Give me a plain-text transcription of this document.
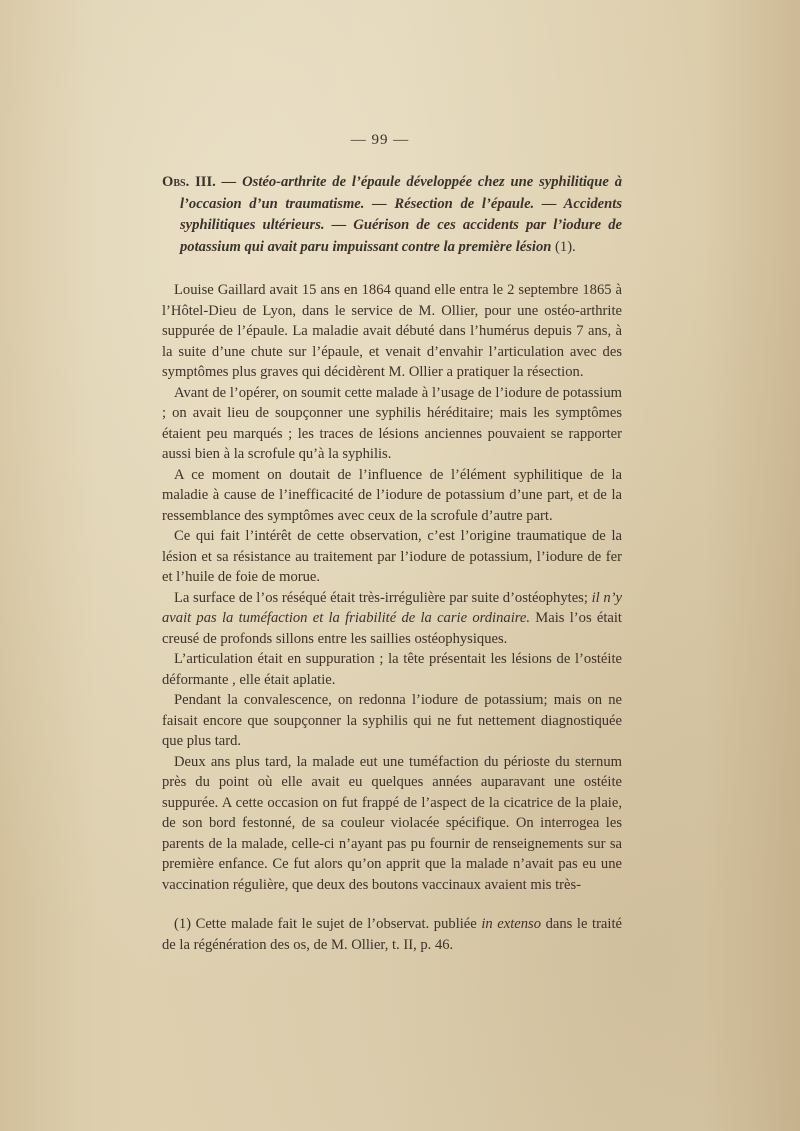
— 99 —

Obs. III. — Ostéo-arthrite de l’épaule développée chez une syphilitique à l’occasion d’un traumatisme. — Résection de l’épaule. — Accidents syphilitiques ultérieurs. — Guérison de ces accidents par l’iodure de potassium qui avait paru impuissant contre la première lésion (1).

Louise Gaillard avait 15 ans en 1864 quand elle entra le 2 septembre 1865 à l’Hôtel-Dieu de Lyon, dans le service de M. Ollier, pour une ostéo-arthrite suppurée de l’épaule. La maladie avait débuté dans l’humérus depuis 7 ans, à la suite d’une chute sur l’épaule, et venait d’envahir l’articulation avec des symptômes plus graves qui décidèrent M. Ollier a pratiquer la résection.

Avant de l’opérer, on soumit cette malade à l’usage de l’iodure de potassium ; on avait lieu de soupçonner une syphilis héréditaire; mais les symptômes étaient peu marqués ; les traces de lésions anciennes pouvaient se rapporter aussi bien à la scrofule qu’à la syphilis.

A ce moment on doutait de l’influence de l’élément syphilitique de la maladie à cause de l’inefficacité de l’iodure de potassium d’une part, et de la ressemblance des symptômes avec ceux de la scrofule d’autre part.

Ce qui fait l’intérêt de cette observation, c’est l’origine traumatique de la lésion et sa résistance au traitement par l’iodure de potassium, l’iodure de fer et l’huile de foie de morue.

La surface de l’os réséqué était très-irrégulière par suite d’ostéophytes; il n’y avait pas la tuméfaction et la friabilité de la carie ordinaire. Mais l’os était creusé de profonds sillons entre les saillies ostéophysiques.

L’articulation était en suppuration ; la tête présentait les lésions de l’ostéite déformante , elle était aplatie.

Pendant la convalescence, on redonna l’iodure de potassium; mais on ne faisait encore que soupçonner la syphilis qui ne fut nettement diagnostiquée que plus tard.

Deux ans plus tard, la malade eut une tuméfaction du périoste du sternum près du point où elle avait eu quelques années auparavant une ostéite suppurée. A cette occasion on fut frappé de l’aspect de la cicatrice de la plaie, de son bord festonné, de sa couleur violacée spécifique. On interrogea les parents de la malade, celle-ci n’ayant pas pu fournir de renseignements sur sa première enfance. Ce fut alors qu’on apprit que la malade n’avait pas eu une vaccination régulière, que deux des boutons vaccinaux avaient mis très-

(1) Cette malade fait le sujet de l’observat. publiée in extenso dans le traité de la régénération des os, de M. Ollier, t. II, p. 46.
